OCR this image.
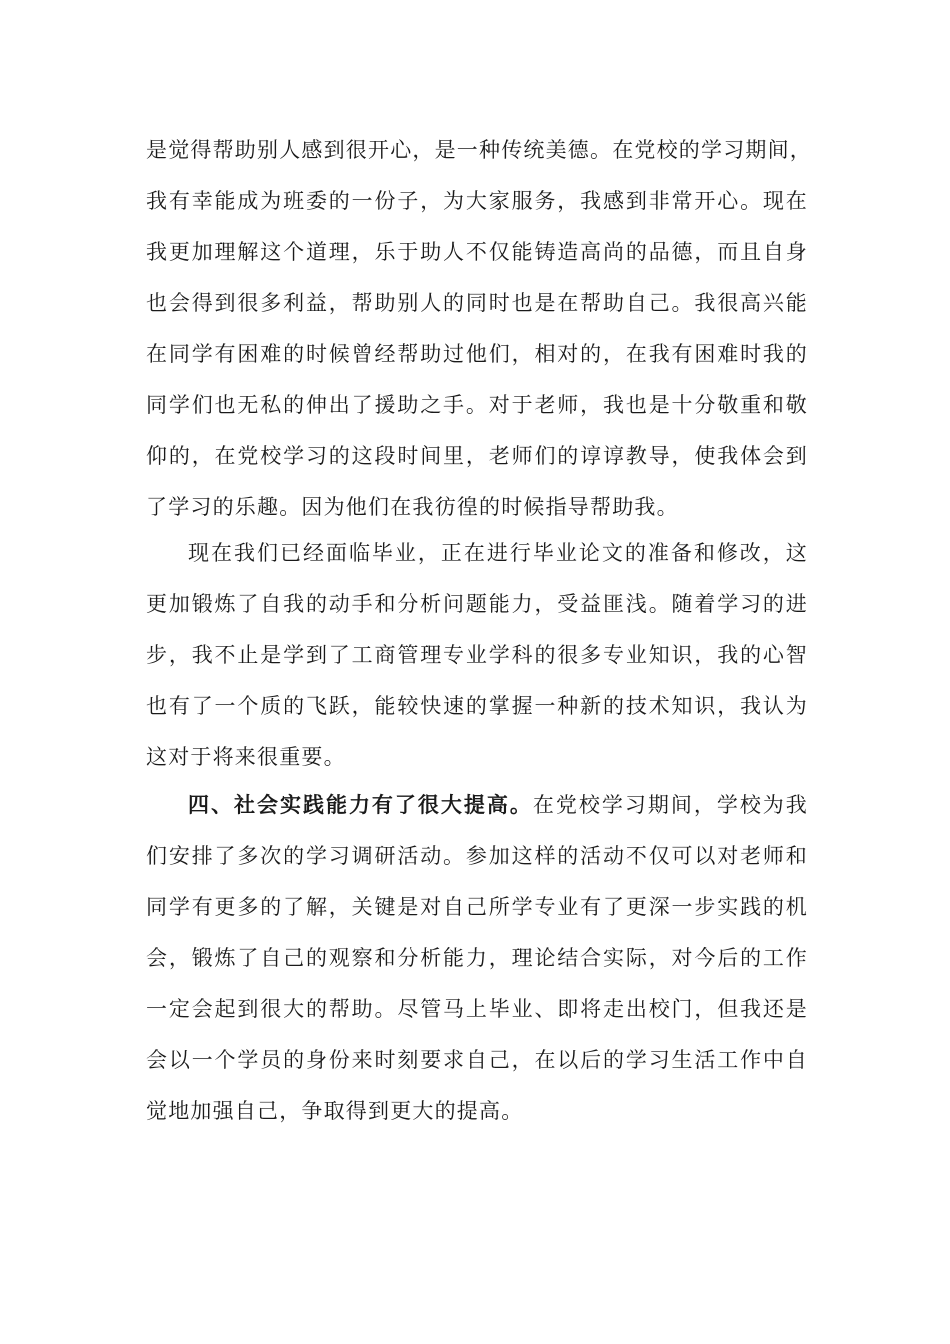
是觉得帮助别人感到很开心，是一种传统美德。在党校的学习期间，
我有幸能成为班委的一份子，为大家服务，我感到非常开心。现在
我更加理解这个道理，乐于助人不仅能铸造高尚的品德，而且自身
也会得到很多利益，帮助别人的同时也是在帮助自己。我很高兴能
在同学有困难的时候曾经帮助过他们，相对的，在我有困难时我的
同学们也无私的伸出了援助之手。对于老师，我也是十分敬重和敬
仰的，在党校学习的这段时间里，老师们的谆谆教导，使我体会到
了学习的乐趣。因为他们在我彷徨的时候指导帮助我。
现在我们已经面临毕业，正在进行毕业论文的准备和修改，这
更加锻炼了自我的动手和分析问题能力，受益匪浅。随着学习的进
步，我不止是学到了工商管理专业学科的很多专业知识，我的心智
也有了一个质的飞跃，能较快速的掌握一种新的技术知识，我认为
这对于将来很重要。
四、社会实践能力有了很大提高。在党校学习期间，学校为我
们安排了多次的学习调研活动。参加这样的活动不仅可以对老师和
同学有更多的了解，关键是对自己所学专业有了更深一步实践的机
会，锻炼了自己的观察和分析能力，理论结合实际，对今后的工作
一定会起到很大的帮助。尽管马上毕业、即将走出校门，但我还是
会以一个学员的身份来时刻要求自己，在以后的学习生活工作中自
觉地加强自己，争取得到更大的提高。
